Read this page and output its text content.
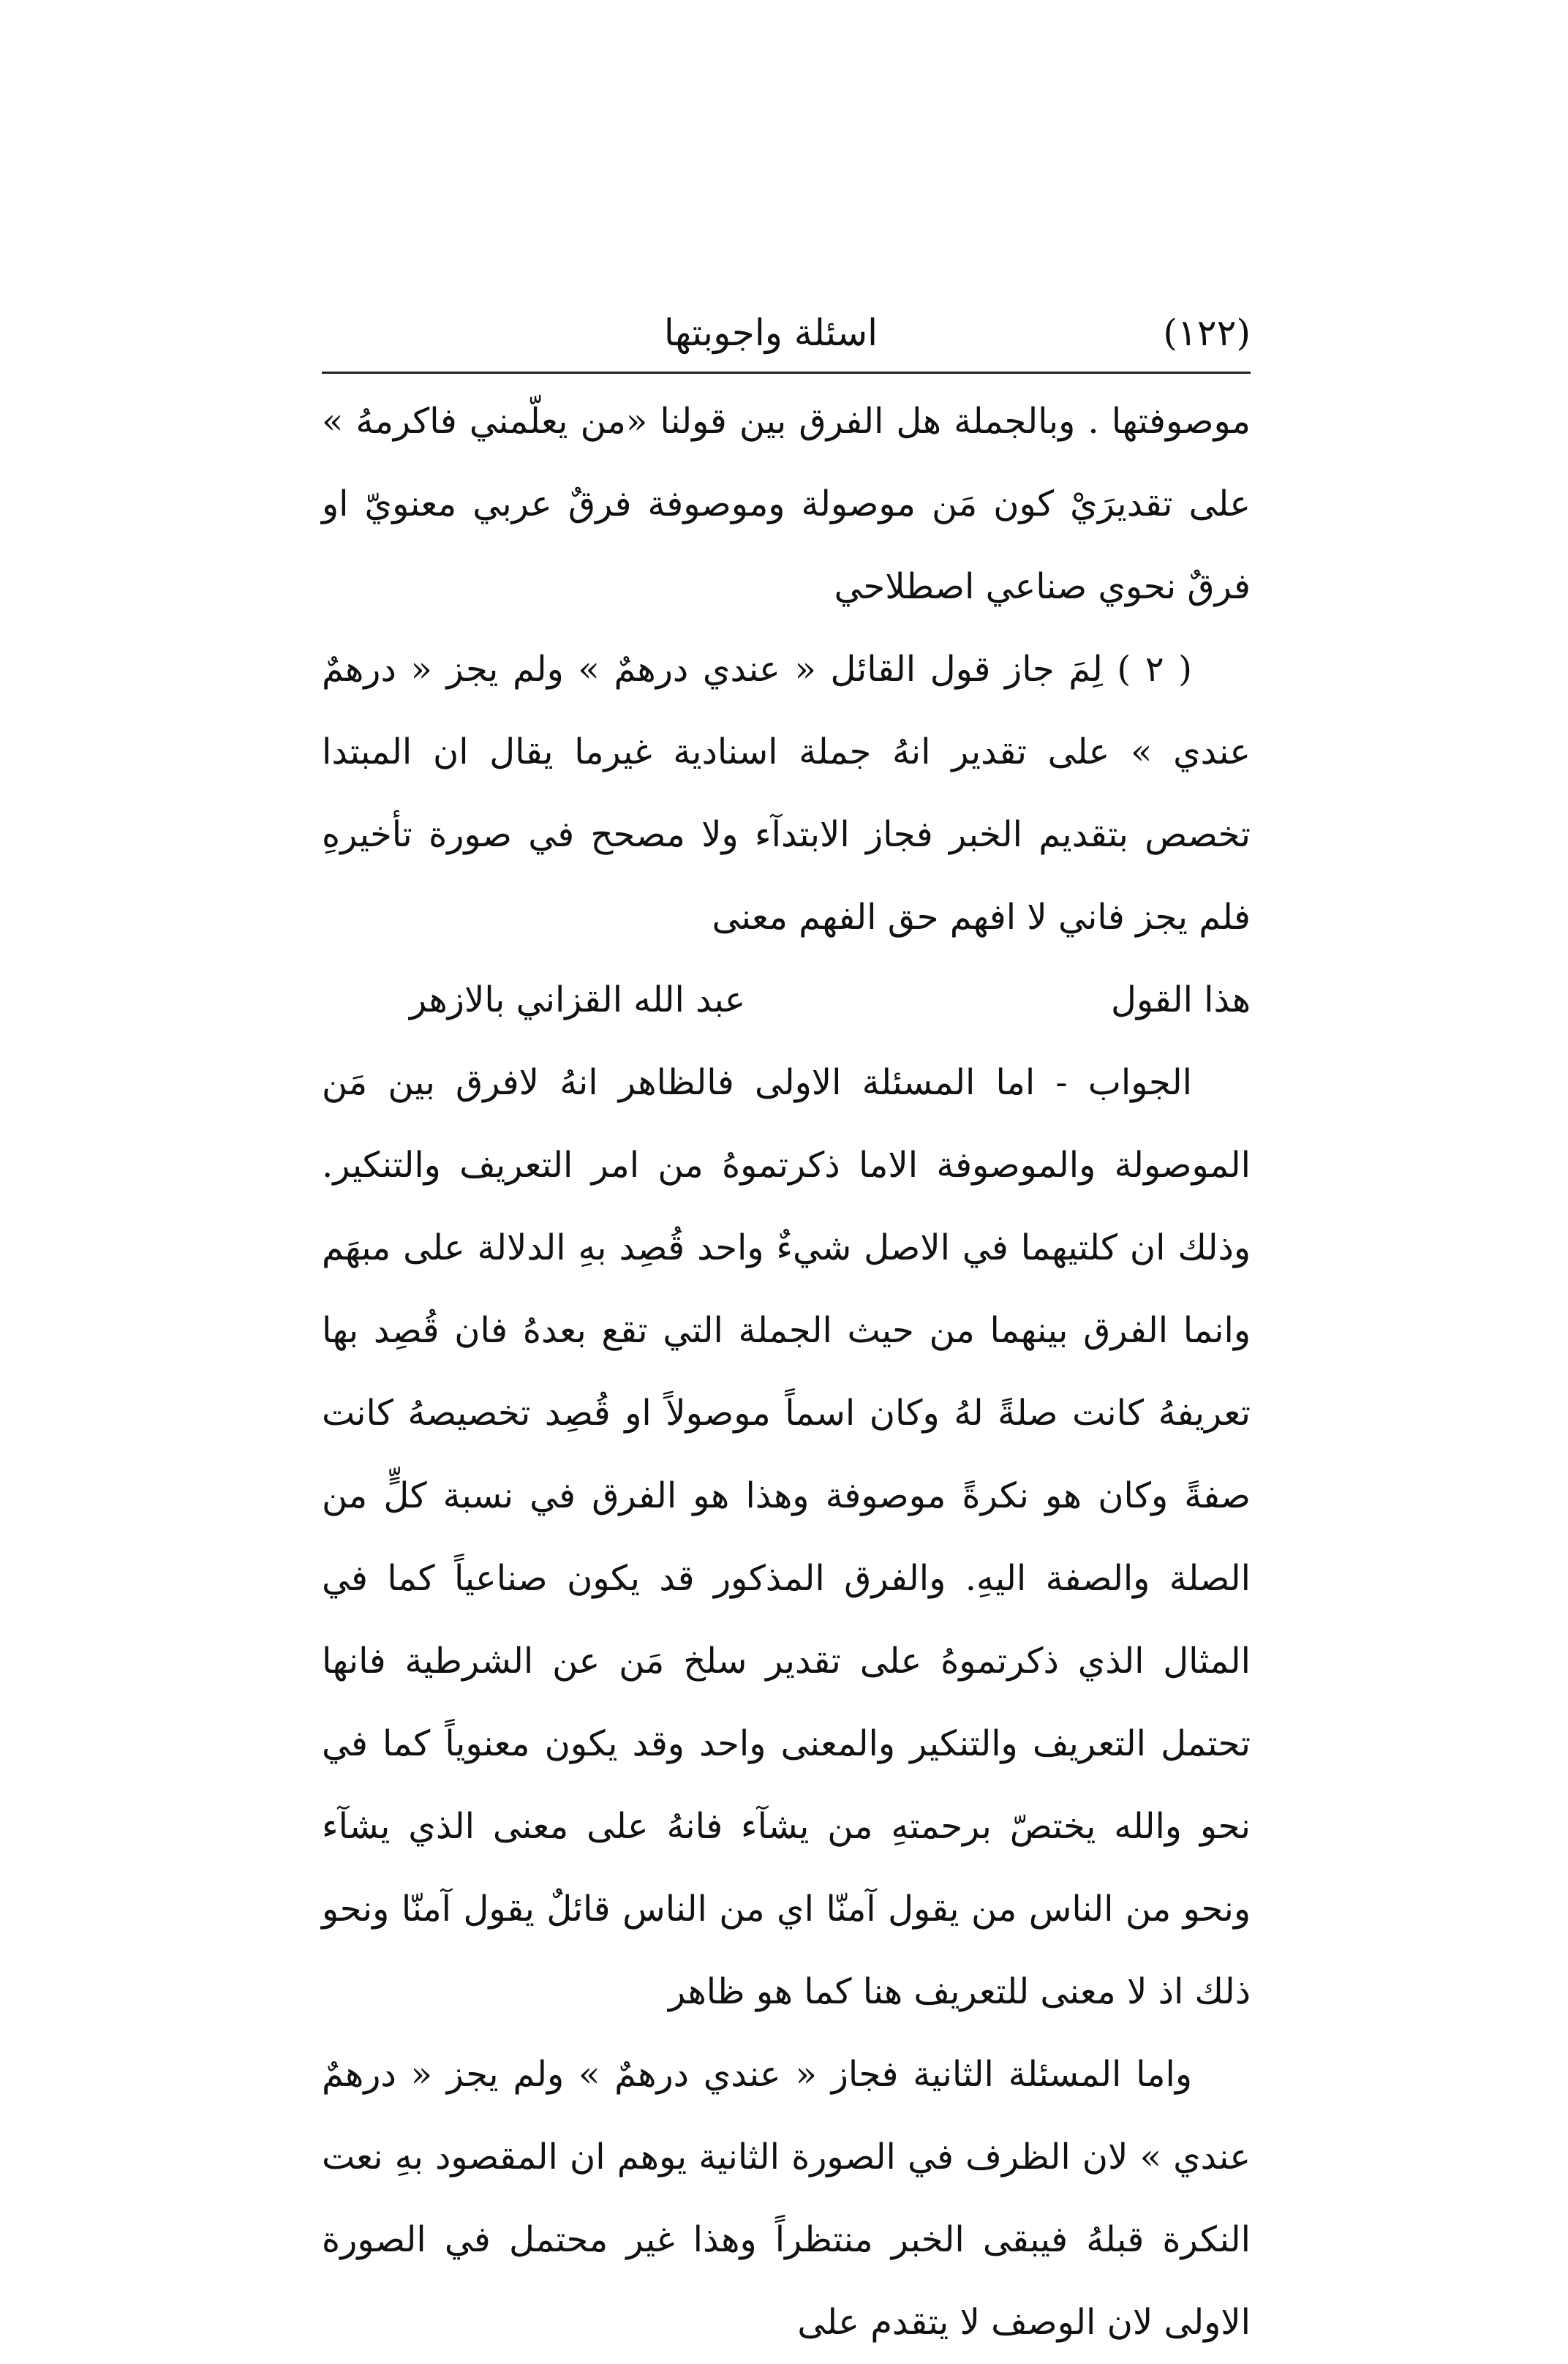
(١٢٢)
اسئلة واجوبتها

موصوفتها . وبالجملة هل الفرق بين قولنا «من يعلّمني فاكرمهُ » على تقديرَيْ كون مَن موصولة وموصوفة فرقٌ عربي معنويّ او فرقٌ نحوي صناعي اصطلاحي

( ٢ ) لِمَ جاز قول القائل « عندي درهمٌ » ولم يجز « درهمٌ عندي » على تقدير انهُ جملة اسنادية غيرما يقال ان المبتدا تخصص بتقديم الخبر فجاز الابتدآء ولا مصحح في صورة تأخيرهِ فلم يجز فاني لا افهم حق الفهم معنى

هذا القول
عبد الله القزاني بالازهر

الجواب - اما المسئلة الاولى فالظاهر انهُ لافرق بين مَن الموصولة والموصوفة الاما ذكرتموهُ من امر التعريف والتنكير. وذلك ان كلتيهما في الاصل شيءٌ واحد قُصِد بهِ الدلالة على مبهَم وانما الفرق بينهما من حيث الجملة التي تقع بعدهُ فان قُصِد بها تعريفهُ كانت صلةً لهُ وكان اسماً موصولاً او قُصِد تخصيصهُ كانت صفةً وكان هو نكرةً موصوفة وهذا هو الفرق في نسبة كلٍّ من الصلة والصفة اليهِ. والفرق المذكور قد يكون صناعياً كما في المثال الذي ذكرتموهُ على تقدير سلخ مَن عن الشرطية فانها تحتمل التعريف والتنكير والمعنى واحد وقد يكون معنوياً كما في نحو والله يختصّ برحمتهِ من يشآء فانهُ على معنى الذي يشآء ونحو من الناس من يقول آمنّا اي من الناس قائلٌ يقول آمنّا ونحو ذلك اذ لا معنى للتعريف هنا كما هو ظاهر

واما المسئلة الثانية فجاز « عندي درهمٌ » ولم يجز « درهمٌ عندي » لان الظرف في الصورة الثانية يوهم ان المقصود بهِ نعت النكرة قبلهُ فيبقى الخبر منتظراً وهذا غير محتمل في الصورة الاولى لان الوصف لا يتقدم على
